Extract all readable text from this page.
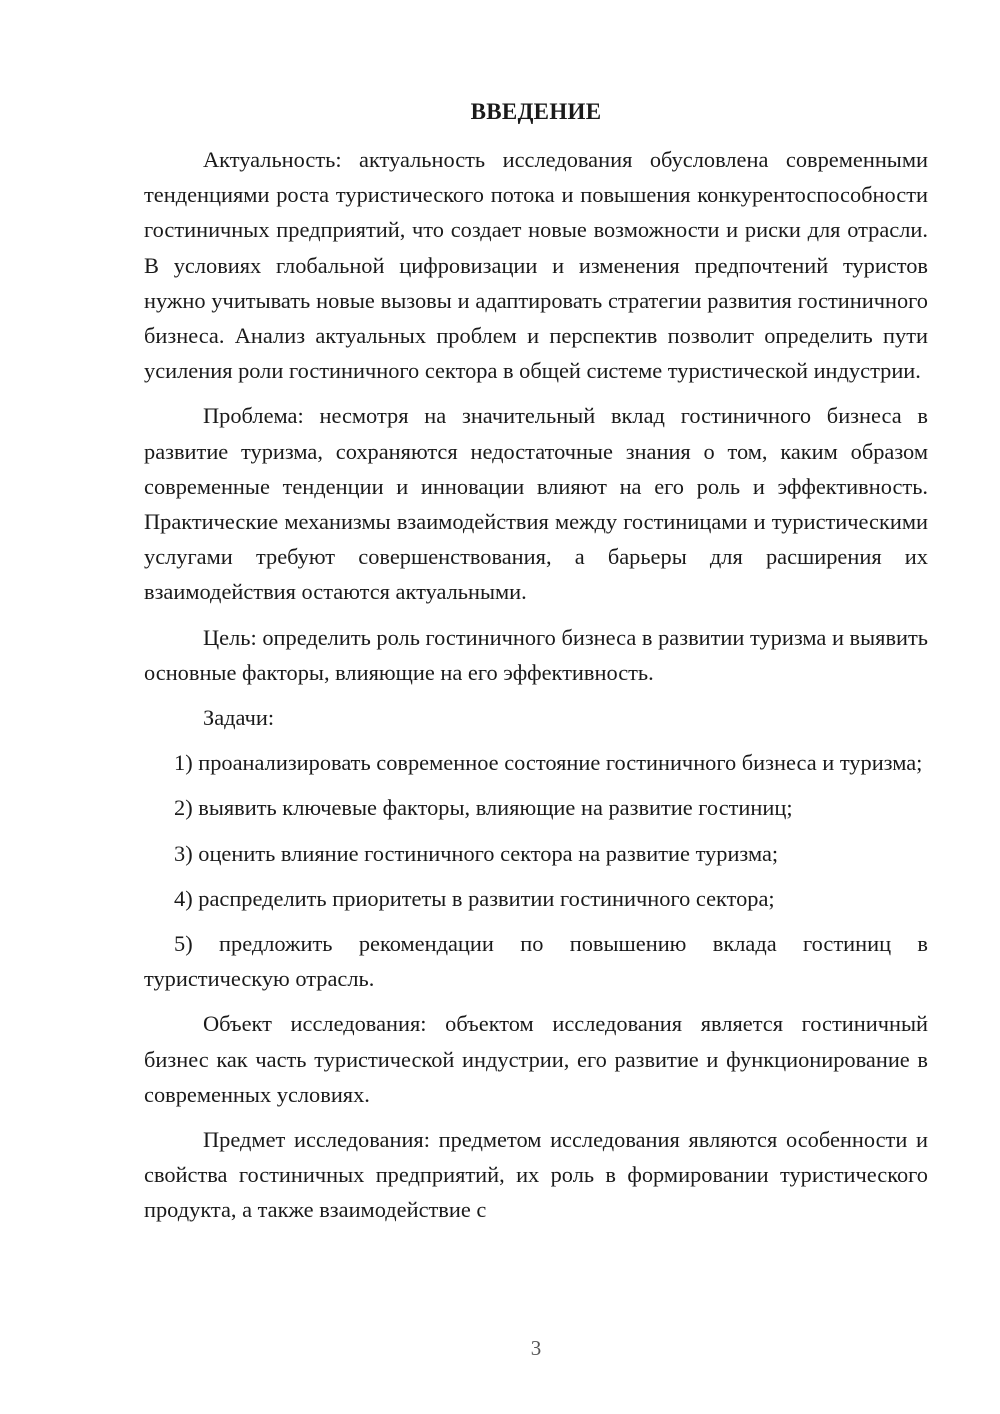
ВВЕДЕНИЕ

Актуальность: актуальность исследования обусловлена современными тенденциями роста туристического потока и повышения конкурентоспособности гостиничных предприятий, что создает новые возможности и риски для отрасли. В условиях глобальной цифровизации и изменения предпочтений туристов нужно учитывать новые вызовы и адаптировать стратегии развития гостиничного бизнеса. Анализ актуальных проблем и перспектив позволит определить пути усиления роли гостиничного сектора в общей системе туристической индустрии.

Проблема: несмотря на значительный вклад гостиничного бизнеса в развитие туризма, сохраняются недостаточные знания о том, каким образом современные тенденции и инновации влияют на его роль и эффективность. Практические механизмы взаимодействия между гостиницами и туристическими услугами требуют совершенствования, а барьеры для расширения их взаимодействия остаются актуальными.

Цель: определить роль гостиничного бизнеса в развитии туризма и выявить основные факторы, влияющие на его эффективность.

Задачи:

1) проанализировать современное состояние гостиничного бизнеса и туризма;

2) выявить ключевые факторы, влияющие на развитие гостиниц;

3) оценить влияние гостиничного сектора на развитие туризма;

4) распределить приоритеты в развитии гостиничного сектора;

5) предложить рекомендации по повышению вклада гостиниц в туристическую отрасль.

Объект исследования: объектом исследования является гостиничный бизнес как часть туристической индустрии, его развитие и функционирование в современных условиях.

Предмет исследования: предметом исследования являются особенности и свойства гостиничных предприятий, их роль в формировании туристического продукта, а также взаимодействие с

3
